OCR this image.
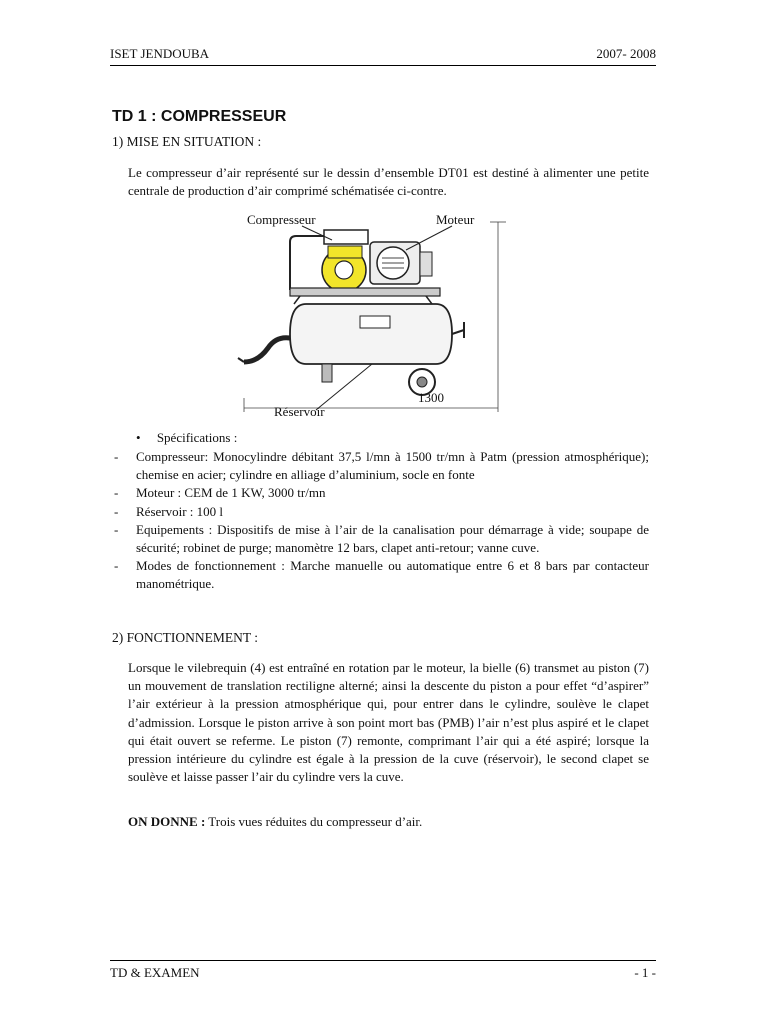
ISET JENDOUBA	2007- 2008
TD 1 : COMPRESSEUR

1) MISE EN SITUATION :

Le compresseur d’air représenté sur le dessin d’ensemble DT01 est destiné à alimenter une petite centrale de production d’air comprimé schématisée ci-contre.

Compresseur	Moteur
Réservoir
1300
•     Spécifications :
- Compresseur: Monocylindre débitant 37,5 l/mn à 1500 tr/mn à Patm (pression atmosphérique); chemise en acier; cylindre en alliage d’aluminium, socle en fonte
- Moteur : CEM de 1 KW, 3000 tr/mn
- Réservoir : 100 l
- Equipements : Dispositifs de mise à l’air de la canalisation pour démarrage à vide; soupape de sécurité; robinet de purge; manomètre 12 bars, clapet anti-retour; vanne cuve.
- Modes de fonctionnement : Marche manuelle ou automatique entre 6 et 8 bars par contacteur manométrique.

2) FONCTIONNEMENT :

Lorsque le vilebrequin (4) est entraîné en rotation par le moteur, la bielle (6) transmet au piston (7) un mouvement de translation rectiligne alterné; ainsi la descente du piston a pour effet “d’aspirer” l’air extérieur à la pression atmosphérique qui, pour entrer dans le cylindre, soulève le clapet d’admission. Lorsque le piston arrive à son point mort bas (PMB) l’air n’est plus aspiré et le clapet qui était ouvert se referme. Le piston (7) remonte, comprimant l’air qui a été aspiré; lorsque la pression intérieure du cylindre est égale à la pression de la cuve (réservoir), le second clapet se soulève et laisse passer l’air du cylindre vers la cuve.

ON DONNE : Trois vues réduites du compresseur d’air.
TD & EXAMEN	- 1 -
